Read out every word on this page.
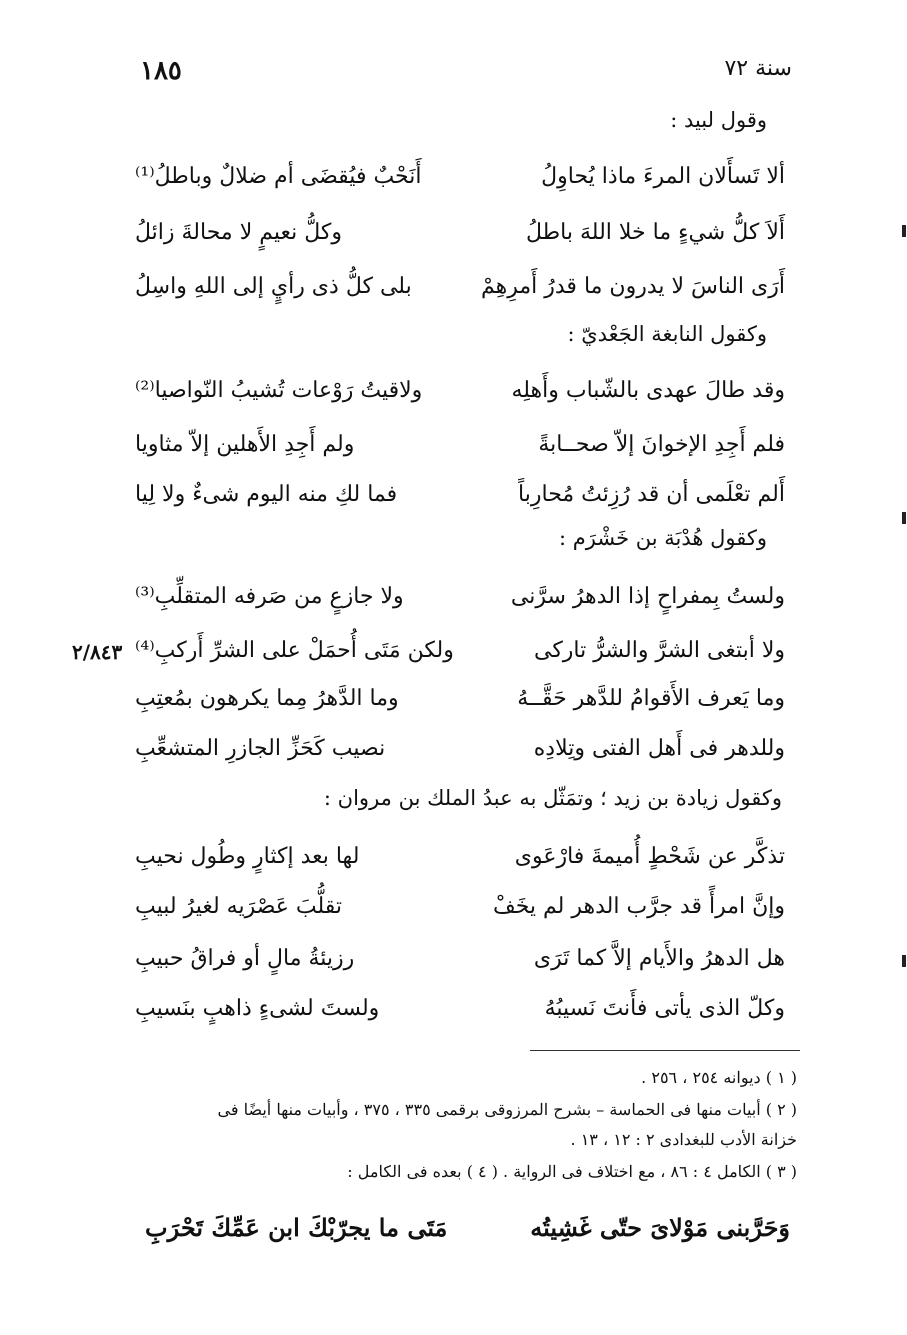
١٨٥	سنة ٧٢
وقول لبيد :
ألا تَسأَلان المرءَ ماذا يُحاوِلُ
أَنَحْبٌ فيُقضَى أم ضلالٌ وباطلُ⁽¹⁾
أَلاَ كلُّ شيءٍ ما خلا اللهَ باطلُ
وكلُّ نعيمٍ لا محالةَ زائلُ
أَرَى الناسَ لا يدرون ما قدرُ أَمرِهِمْ
بلى كلُّ ذى رأيٍ إلى اللهِ واسِلُ
وكقول النابغة الجَعْديّ :
وقد طالَ عهدى بالشّباب وأَهلِه
ولاقيتُ رَوْعات تُشيبُ النّواصيا⁽²⁾
فلم أَجِدِ الإخوانَ إلاّ صحــابةً
ولم أَجِدِ الأَهلين إلاّ مثاويا
أَلم تعْلَمى أن قد رُزِئتُ مُحارِباً
فما لكِ منه اليوم شىءٌ ولا لِيا
وكقول هُدْبَة بن خَشْرَم :
ولستُ بِمفراحٍ إذا الدهرُ سرَّنى
ولا جازعٍ من صَرفه المتقلِّبِ⁽³⁾
ولا أبتغى الشرَّ والشرُّ تاركى
ولكن مَتَى أُحمَلْ على الشرِّ أَركبِ⁽⁴⁾
وما يَعرف الأَقوامُ للدَّهر حَقَّــهُ
وما الدَّهرُ مِما يكرهون بمُعتِبِ
وللدهر فى أَهل الفتى وتِلادِه
نصيب كَحَزِّ الجازرِ المتشعِّبِ
٢/٨٤٣
وكقول زيادة بن زيد ؛ وتمَثّل به عبدُ الملك بن مروان :
تذكَّر عن شَحْطٍ أُميمةَ فارْعَوى
لها بعد إكثارٍ وطُول نحيبِ
وإنَّ امرأً قد جرَّب الدهر لم يخَفْ
تقلُّبَ عَصْرَيه لغيرُ لبيبِ
هل الدهرُ والأَيام إلاَّ كما تَرَى
رزيئةُ مالٍ أو فراقُ حبيبِ
وكلّ الذى يأتى فأَنتَ نَسيبُهُ
ولستَ لشىءٍ ذاهبٍ بنَسيبِ
( ١ ) ديوانه ٢٥٤ ، ٢٥٦ .
( ٢ ) أبيات منها فى الحماسة – بشرح المرزوقى برقمى ٣٣٥ ، ٣٧٥ ، وأبيات منها أيضًا فى
خزانة الأدب للبغدادى ٢ : ١٢ ، ١٣ .
( ٣ ) الكامل ٤ : ٨٦ ، مع اختلاف فى الرواية . ( ٤ ) بعده فى الكامل :
وَحَرَّبنى مَوْلاىَ حتّى غَشِيتُه
مَتَى ما يجرّبْكَ ابن عَمِّكَ تَحْرَبِ
